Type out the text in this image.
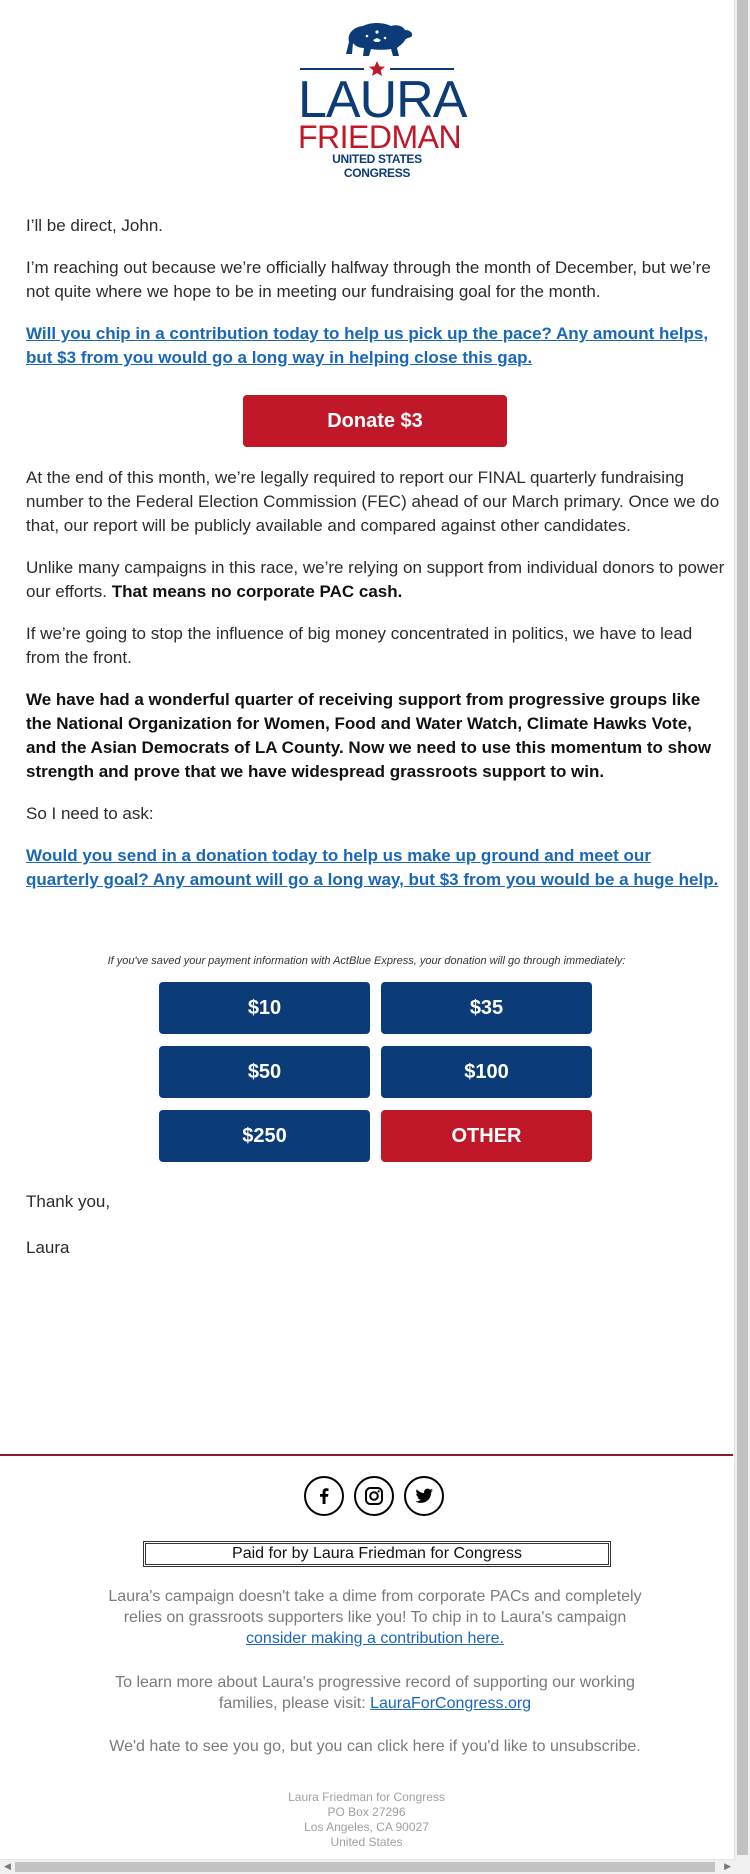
LAURA
FRIEDMAN
UNITED STATES CONGRESS

I’ll be direct, John.

I’m reaching out because we’re officially halfway through the month of December, but we’re not quite where we hope to be in meeting our fundraising goal for the month.

Will you chip in a contribution today to help us pick up the pace? Any amount helps, but $3 from you would go a long way in helping close this gap.

Donate $3

At the end of this month, we’re legally required to report our FINAL quarterly fundraising number to the Federal Election Commission (FEC) ahead of our March primary. Once we do that, our report will be publicly available and compared against other candidates.

Unlike many campaigns in this race, we’re relying on support from individual donors to power our efforts. That means no corporate PAC cash.

If we’re going to stop the influence of big money concentrated in politics, we have to lead from the front.

We have had a wonderful quarter of receiving support from progressive groups like the National Organization for Women, Food and Water Watch, Climate Hawks Vote, and the Asian Democrats of LA County. Now we need to use this momentum to show strength and prove that we have widespread grassroots support to win.

So I need to ask:

Would you send in a donation today to help us make up ground and meet our quarterly goal? Any amount will go a long way, but $3 from you would be a huge help.

If you've saved your payment information with ActBlue Express, your donation will go through immediately:
$10	$35
$50	$100
$250	OTHER

Thank you,

Laura

Paid for by Laura Friedman for Congress
Laura's campaign doesn't take a dime from corporate PACs and completely relies on grassroots supporters like you! To chip in to Laura's campaign consider making a contribution here.
To learn more about Laura's progressive record of supporting our working families, please visit: LauraForCongress.org
We'd hate to see you go, but you can click here if you'd like to unsubscribe.
Laura Friedman for Congress
PO Box 27296
Los Angeles, CA 90027
United States
◀	▶
